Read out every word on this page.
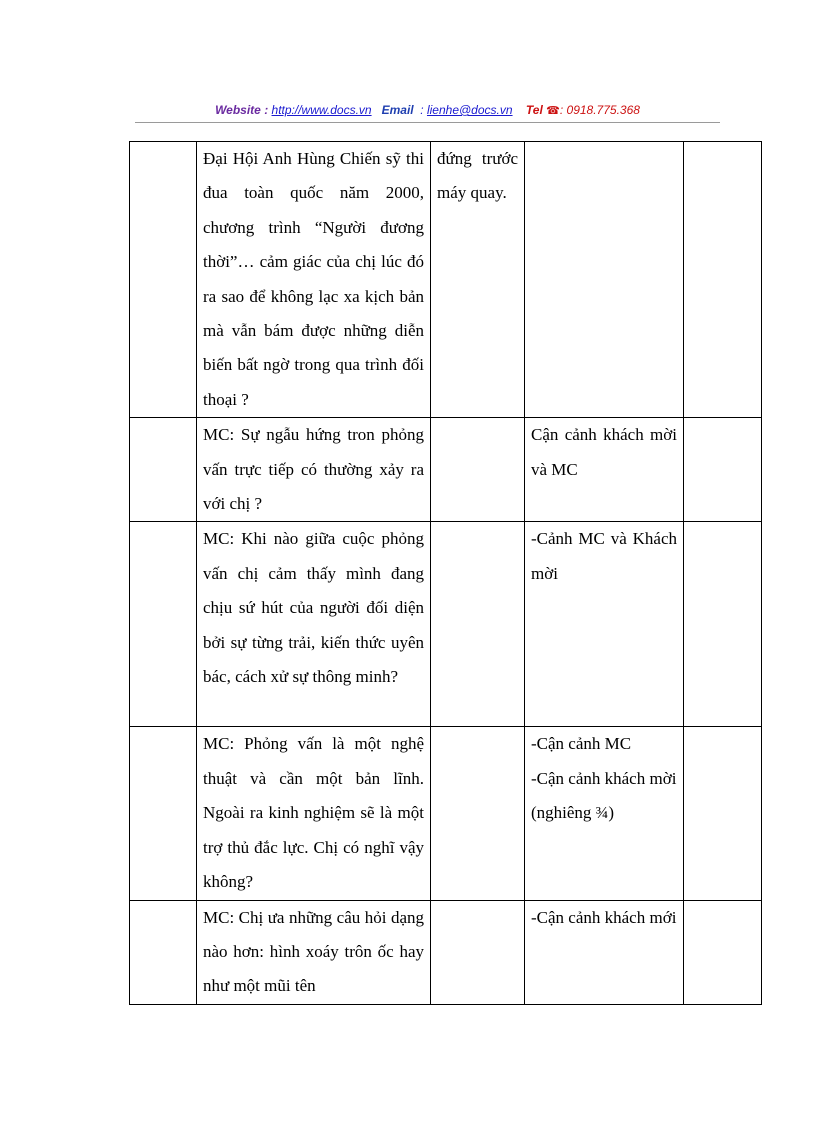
Website : http://www.docs.vn Email : lienhe@docs.vn Tel ☎: 0918.775.368
	Đại Hội Anh Hùng Chiến sỹ thi đua toàn quốc năm 2000, chương trình “Người đương thời”… cảm giác của chị lúc đó ra sao để không lạc xa kịch bản mà vẫn bám được những diễn biến bất ngờ trong qua trình đối thoại ?	đứng trước máy quay.		
	MC: Sự ngẫu hứng tron phỏng vấn trực tiếp có thường xảy ra với chị ?		Cận cảnh khách mời và MC	

	MC: Khi nào giữa cuộc phỏng vấn chị cảm thấy mình đang chịu sứ hút của người đối diện bởi sự từng trải, kiến thức uyên bác, cách xử sự thông minh?		-Cảnh MC và Khách mời	

	MC: Phỏng vấn là một nghệ thuật và cần một bản lĩnh. Ngoài ra kinh nghiệm sẽ là một trợ thủ đắc lực. Chị có nghĩ vậy không?		-Cận cảnh MC
-Cận cảnh khách mời
(nghiêng ¾)	

	MC: Chị ưa những câu hỏi dạng nào hơn: hình xoáy trôn ốc hay như một mũi tên		-Cận cảnh khách mới	
